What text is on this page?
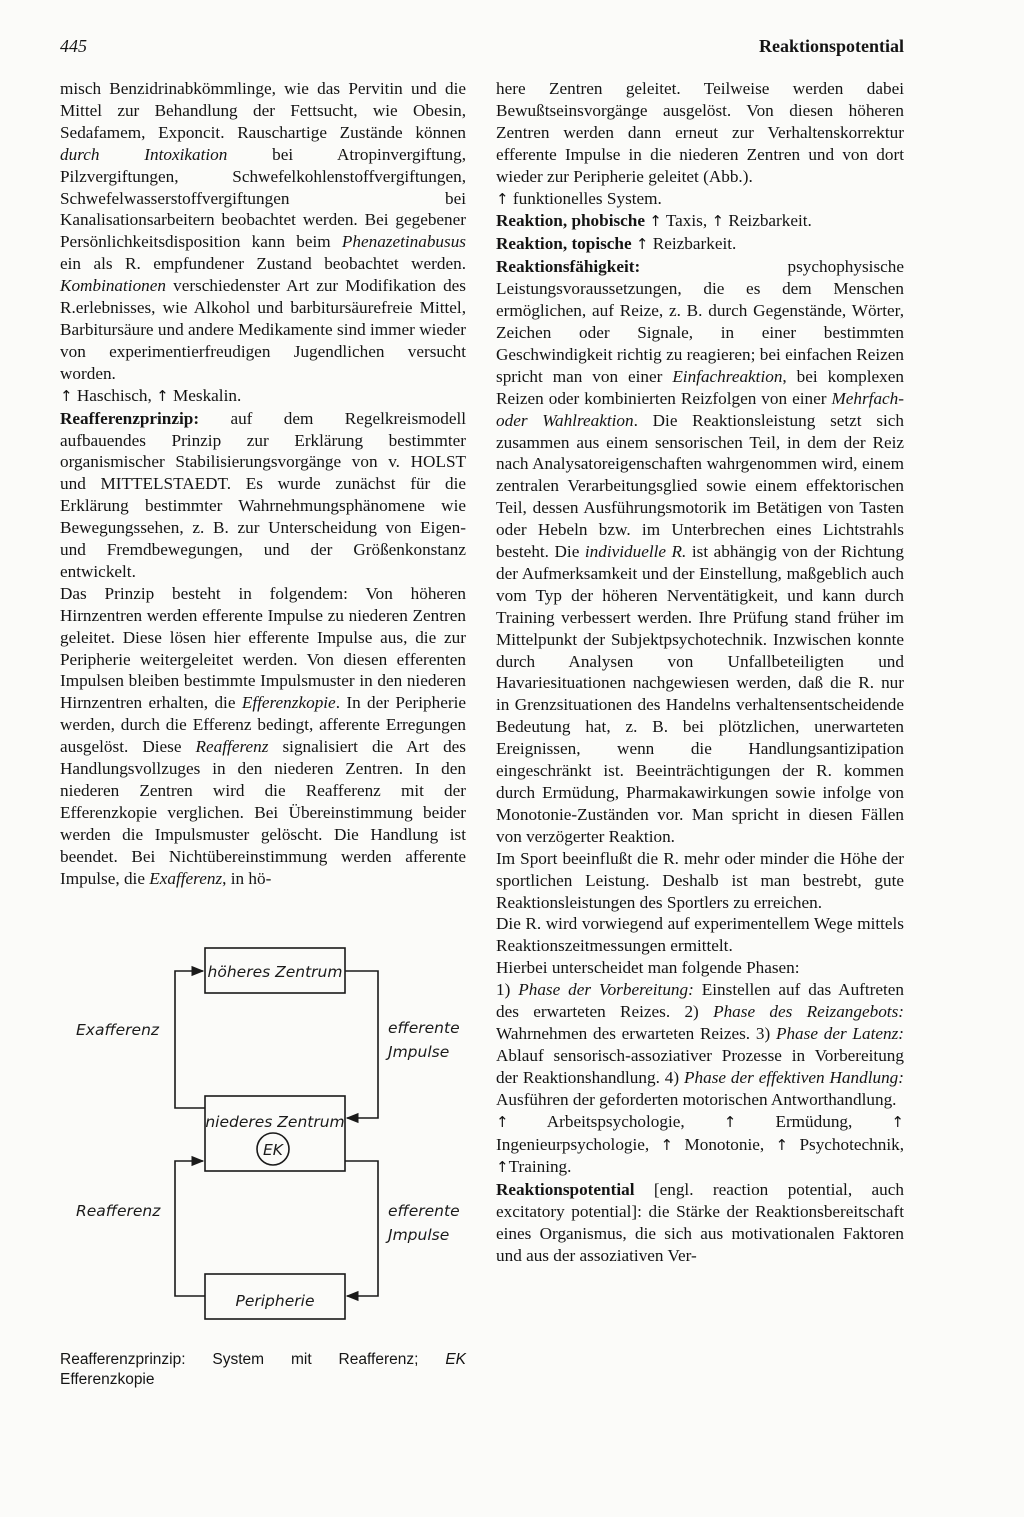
445	Reaktionspotential

misch Benzidrinabkömmlinge, wie das Pervitin und die Mittel zur Behandlung der Fettsucht, wie Obesin, Sedafamem, Exponcit. Rauschartige Zustände können durch Intoxikation bei Atropinvergiftung, Pilzvergiftungen, Schwefelkohlenstoffvergiftungen, Schwefelwasserstoffvergiftungen bei Kanalisationsarbeitern beobachtet werden. Bei gegebener Persönlichkeitsdisposition kann beim Phenazetinabusus ein als R. empfundener Zustand beobachtet werden. Kombinationen verschiedenster Art zur Modifikation des R.erlebnisses, wie Alkohol und barbitursäurefreie Mittel, Barbitursäure und andere Medikamente sind immer wieder von experimentierfreudigen Jugendlichen versucht worden.

↑ Haschisch, ↑ Meskalin.

Reafferenzprinzip: auf dem Regelkreismodell aufbauendes Prinzip zur Erklärung bestimmter organismischer Stabilisierungsvorgänge von v. HOLST und MITTELSTAEDT. Es wurde zunächst für die Erklärung bestimmter Wahrnehmungsphänomene wie Bewegungssehen, z. B. zur Unterscheidung von Eigen- und Fremdbewegungen, und der Größenkonstanz entwickelt.

Das Prinzip besteht in folgendem: Von höheren Hirnzentren werden efferente Impulse zu niederen Zentren geleitet. Diese lösen hier efferente Impulse aus, die zur Peripherie weitergeleitet werden. Von diesen efferenten Impulsen bleiben bestimmte Impulsmuster in den niederen Hirnzentren erhalten, die Efferenzkopie. In der Peripherie werden, durch die Efferenz bedingt, afferente Erregungen ausgelöst. Diese Reafferenz signalisiert die Art des Handlungsvollzuges in den niederen Zentren. In den niederen Zentren wird die Reafferenz mit der Efferenzkopie verglichen. Bei Übereinstimmung beider werden die Impulsmuster gelöscht. Die Handlung ist beendet. Bei Nichtübereinstimmung werden afferente Impulse, die Exafferenz, in hö-

höheres Zentrum
niederes Zentrum
EK
Peripherie
Exafferenz	efferente
Jmpulse
Reafferenz	efferente
Jmpulse
Reafferenzprinzip: System mit Reafferenz; EK Efferenzkopie

here Zentren geleitet. Teilweise werden dabei Bewußtseinsvorgänge ausgelöst. Von diesen höheren Zentren werden dann erneut zur Verhaltenskorrektur efferente Impulse in die niederen Zentren und von dort wieder zur Peripherie geleitet (Abb.).

↑ funktionelles System.

Reaktion, phobische ↑ Taxis, ↑ Reizbarkeit.

Reaktion, topische ↑ Reizbarkeit.

Reaktionsfähigkeit: psychophysische Leistungsvoraussetzungen, die es dem Menschen ermöglichen, auf Reize, z. B. durch Gegenstände, Wörter, Zeichen oder Signale, in einer bestimmten Geschwindigkeit richtig zu reagieren; bei einfachen Reizen spricht man von einer Einfachreaktion, bei komplexen Reizen oder kombinierten Reizfolgen von einer Mehrfach- oder Wahlreaktion. Die Reaktionsleistung setzt sich zusammen aus einem sensorischen Teil, in dem der Reiz nach Analysatoreigenschaften wahrgenommen wird, einem zentralen Verarbeitungsglied sowie einem effektorischen Teil, dessen Ausführungsmotorik im Betätigen von Tasten oder Hebeln bzw. im Unterbrechen eines Lichtstrahls besteht. Die individuelle R. ist abhängig von der Richtung der Aufmerksamkeit und der Einstellung, maßgeblich auch vom Typ der höheren Nerventätigkeit, und kann durch Training verbessert werden. Ihre Prüfung stand früher im Mittelpunkt der Subjektpsychotechnik. Inzwischen konnte durch Analysen von Unfallbeteiligten und Havariesituationen nachgewiesen werden, daß die R. nur in Grenzsituationen des Handelns verhaltensentscheidende Bedeutung hat, z. B. bei plötzlichen, unerwarteten Ereignissen, wenn die Handlungsantizipation eingeschränkt ist. Beeinträchtigungen der R. kommen durch Ermüdung, Pharmakawirkungen sowie infolge von Monotonie-Zuständen vor. Man spricht in diesen Fällen von verzögerter Reaktion.

Im Sport beeinflußt die R. mehr oder minder die Höhe der sportlichen Leistung. Deshalb ist man bestrebt, gute Reaktionsleistungen des Sportlers zu erreichen.

Die R. wird vorwiegend auf experimentellem Wege mittels Reaktionszeitmessungen ermittelt.

Hierbei unterscheidet man folgende Phasen:

1) Phase der Vorbereitung: Einstellen auf das Auftreten des erwarteten Reizes. 2) Phase des Reizangebots: Wahrnehmen des erwarteten Reizes. 3) Phase der Latenz: Ablauf sensorisch-assoziativer Prozesse in Vorbereitung der Reaktionshandlung. 4) Phase der effektiven Handlung: Ausführen der geforderten motorischen Antworthandlung.

↑ Arbeitspsychologie, ↑ Ermüdung, ↑ Ingenieurpsychologie, ↑ Monotonie, ↑ Psychotechnik, ↑Training.

Reaktionspotential [engl. reaction potential, auch excitatory potential]: die Stärke der Reaktionsbereitschaft eines Organismus, die sich aus motivationalen Faktoren und aus der assoziativen Ver-
